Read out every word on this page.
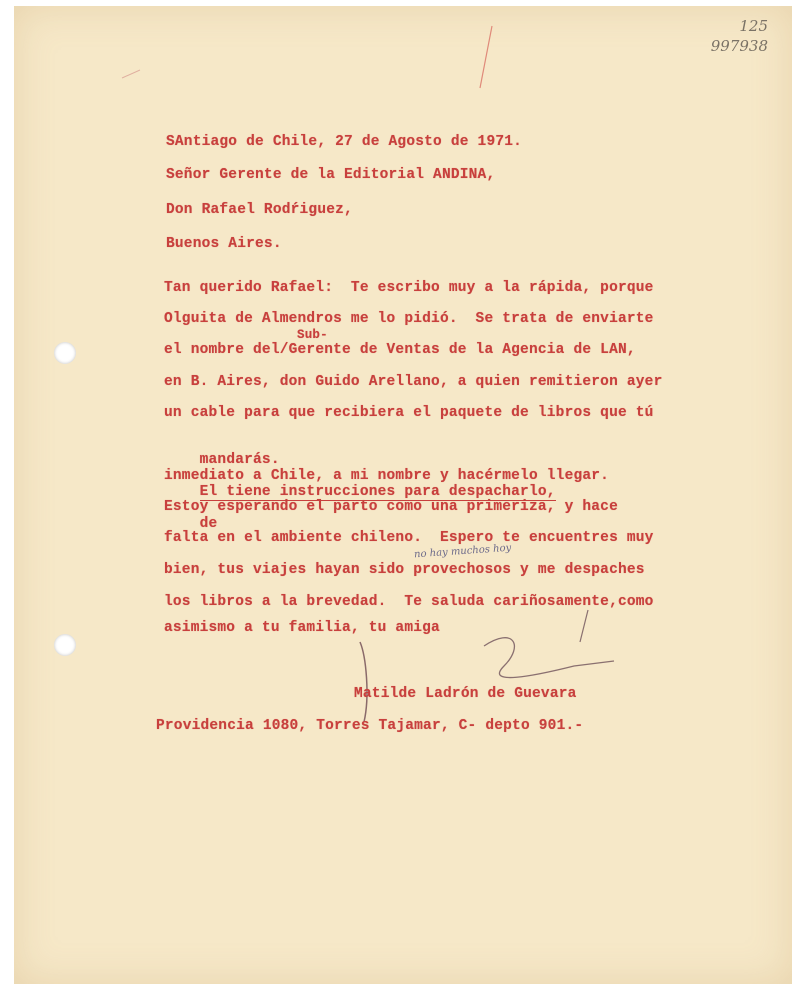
125
997938
SAntiago de Chile, 27 de Agosto de 1971.
Señor Gerente de la Editorial ANDINA,
Don Rafael Rodŕiguez,
Buenos Aires.
Tan querido Rafael:  Te escribo muy a la rápida, porque
Olguita de Almendros me lo pidió.  Se trata de enviarte
Sub-
el nombre del/Gerente de Ventas de la Agencia de LAN,
en B. Aires, don Guido Arellano, a quien remitieron ayer
un cable para que recibiera el paquete de libros que tú

mandarás.

El tiene instrucciones para despacharlo,

de

inmediato a Chile, a mi nombre y hacérmelo llegar.
Estoy esperando el parto como una primeriza, y hace
falta en el ambiente chileno.  Espero te encuentres muy
no hay muchos hoy
bien, tus viajes hayan sido provechosos y me despaches
los libros a la brevedad.  Te saluda cariñosamente,como
asimismo a tu familia, tu amiga
Matilde Ladrón de Guevara
Providencia 1080, Torres Tajamar, C- depto 901.-
